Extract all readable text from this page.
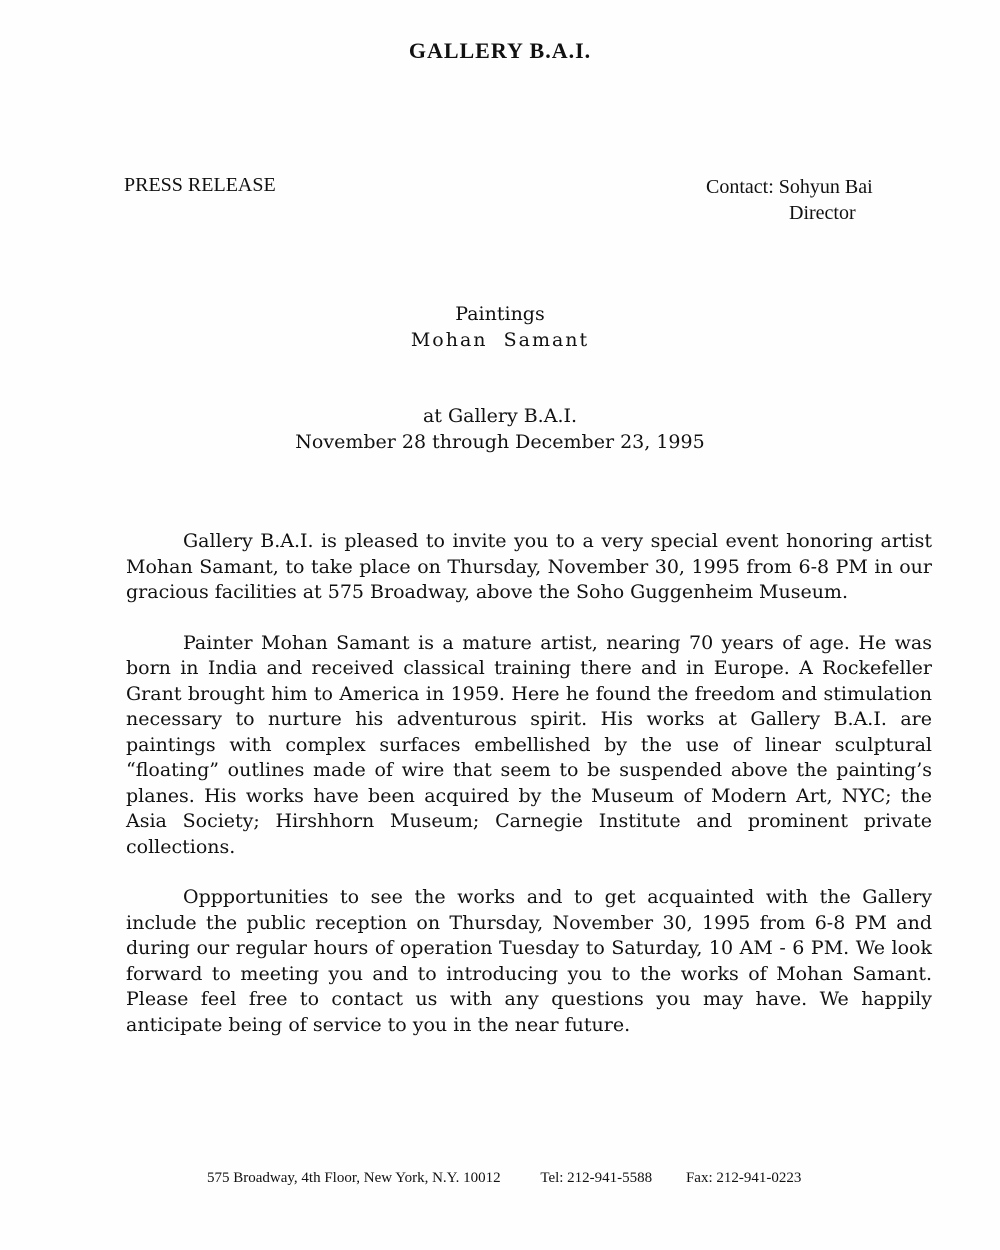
GALLERY B.A.I.
PRESS RELEASE	Contact: Sohyun Bai
Director
Paintings
Mohan  Samant
at Gallery B.A.I.
November 28 through December 23, 1995

Gallery B.A.I. is pleased to invite you to a very special event honoring artist Mohan Samant, to take place on Thursday, November 30, 1995 from 6-8 PM in our gracious facilities at 575 Broadway, above the Soho Guggenheim Museum.

Painter Mohan Samant is a mature artist, nearing 70 years of age. He was born in India and received classical training there and in Europe. A Rockefeller Grant brought him to America in 1959. Here he found the freedom and stimulation necessary to nurture his adventurous spirit. His works at Gallery B.A.I. are paintings with complex surfaces embellished by the use of linear sculptural “floating” outlines made of wire that seem to be suspended above the painting’s planes. His works have been acquired by the Museum of Modern Art, NYC; the Asia Society; Hirshhorn Museum; Carnegie Institute and prominent private collections.

Oppportunities to see the works and to get acquainted with the Gallery include the public reception on Thursday, November 30, 1995 from 6-8 PM and during our regular hours of operation Tuesday to Saturday, 10 AM - 6 PM. We look forward to meeting you and to introducing you to the works of Mohan Samant. Please feel free to contact us with any questions you may have. We happily anticipate being of service to you in the near future.

575 Broadway, 4th Floor, New York, N.Y. 10012	Tel: 212-941-5588 Fax: 212-941-0223
